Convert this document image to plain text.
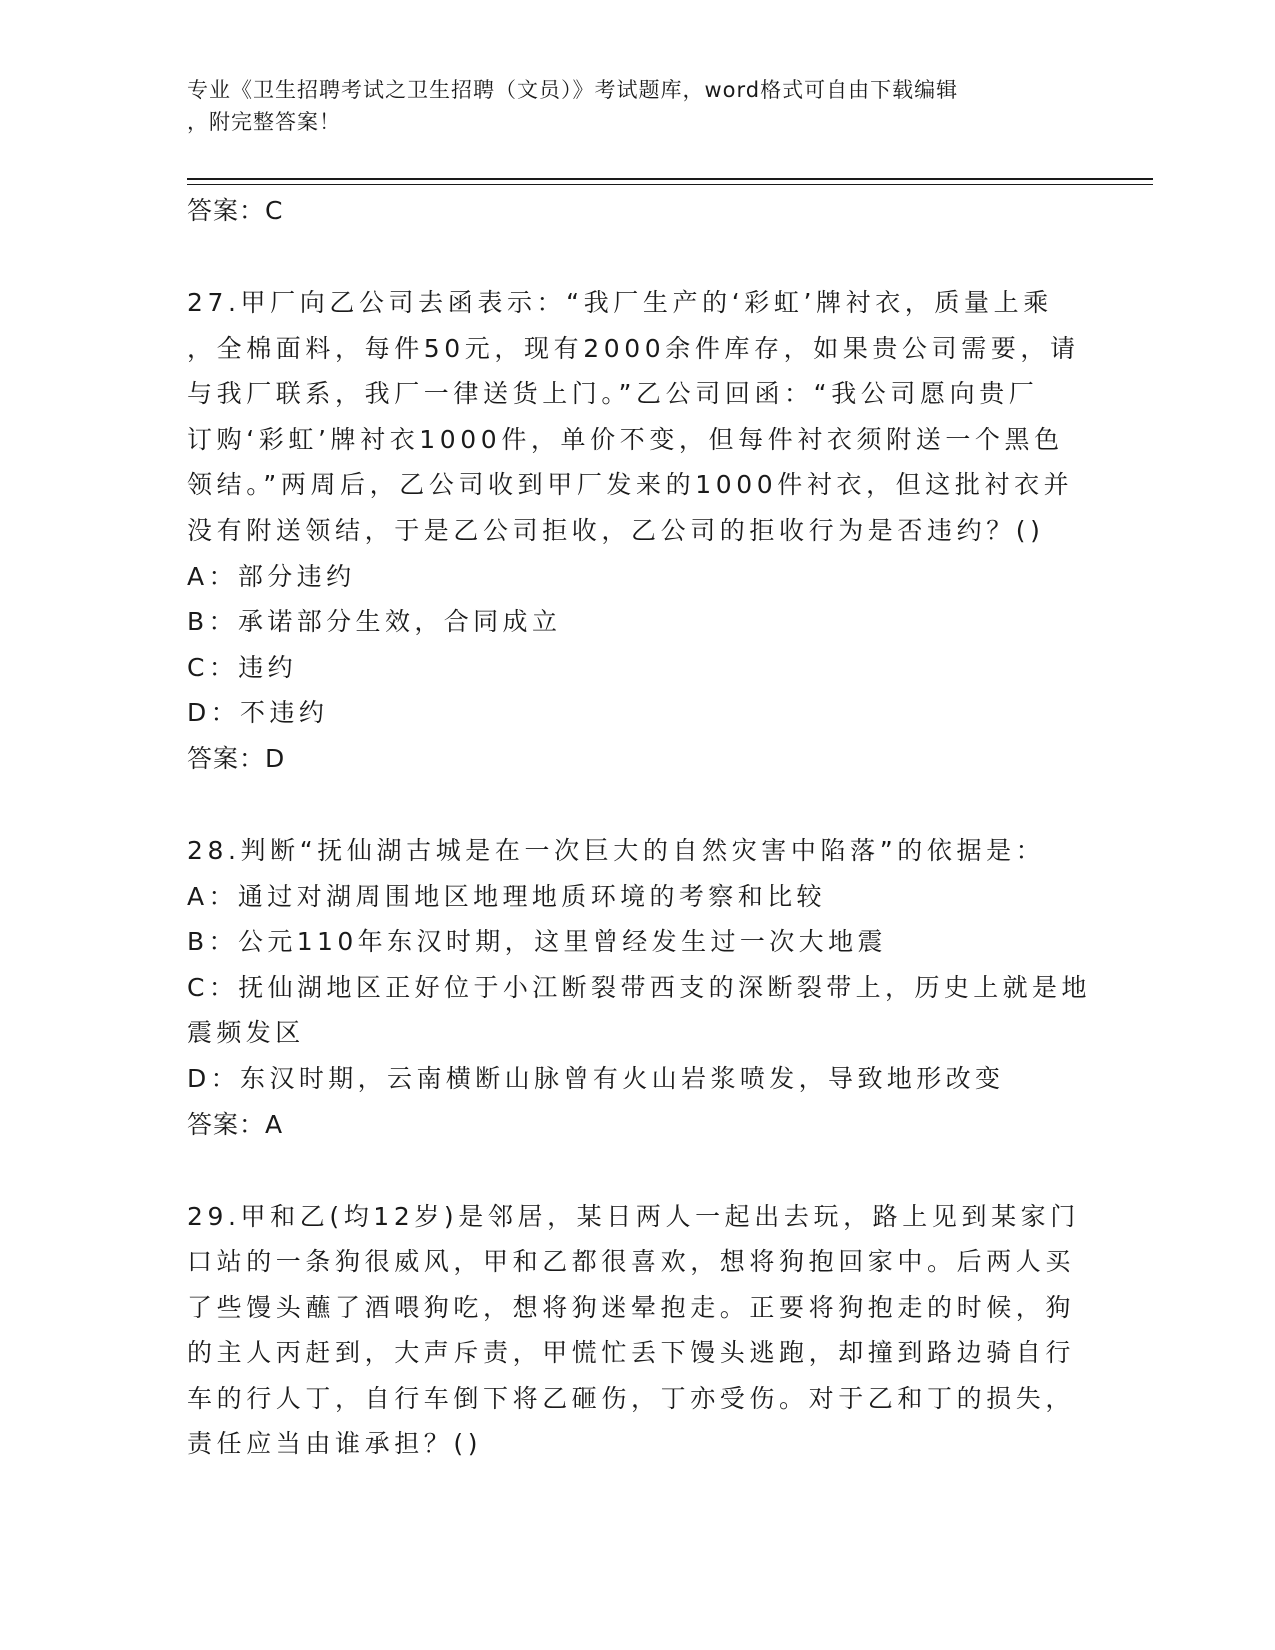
专业《卫生招聘考试之卫生招聘（文员）》考试题库，word格式可自由下载编辑
，附完整答案！
答案：C
27.甲厂向乙公司去函表示：“我厂生产的‘彩虹’牌衬衣，质量上乘
，全棉面料，每件50元，现有2000余件库存，如果贵公司需要，请
与我厂联系，我厂一律送货上门。”乙公司回函：“我公司愿向贵厂
订购‘彩虹’牌衬衣1000件，单价不变，但每件衬衣须附送一个黑色
领结。”两周后，乙公司收到甲厂发来的1000件衬衣，但这批衬衣并
没有附送领结，于是乙公司拒收，乙公司的拒收行为是否违约？()
A：部分违约
B：承诺部分生效，合同成立
C：违约
D：不违约
答案：D
28.判断“抚仙湖古城是在一次巨大的自然灾害中陷落”的依据是：
A：通过对湖周围地区地理地质环境的考察和比较
B：公元110年东汉时期，这里曾经发生过一次大地震
C：抚仙湖地区正好位于小江断裂带西支的深断裂带上，历史上就是地
震频发区
D：东汉时期，云南横断山脉曾有火山岩浆喷发，导致地形改变
答案：A
29.甲和乙(均12岁)是邻居，某日两人一起出去玩，路上见到某家门
口站的一条狗很威风，甲和乙都很喜欢，想将狗抱回家中。后两人买
了些馒头蘸了酒喂狗吃，想将狗迷晕抱走。正要将狗抱走的时候，狗
的主人丙赶到，大声斥责，甲慌忙丢下馒头逃跑，却撞到路边骑自行
车的行人丁，自行车倒下将乙砸伤，丁亦受伤。对于乙和丁的损失，
责任应当由谁承担？()
